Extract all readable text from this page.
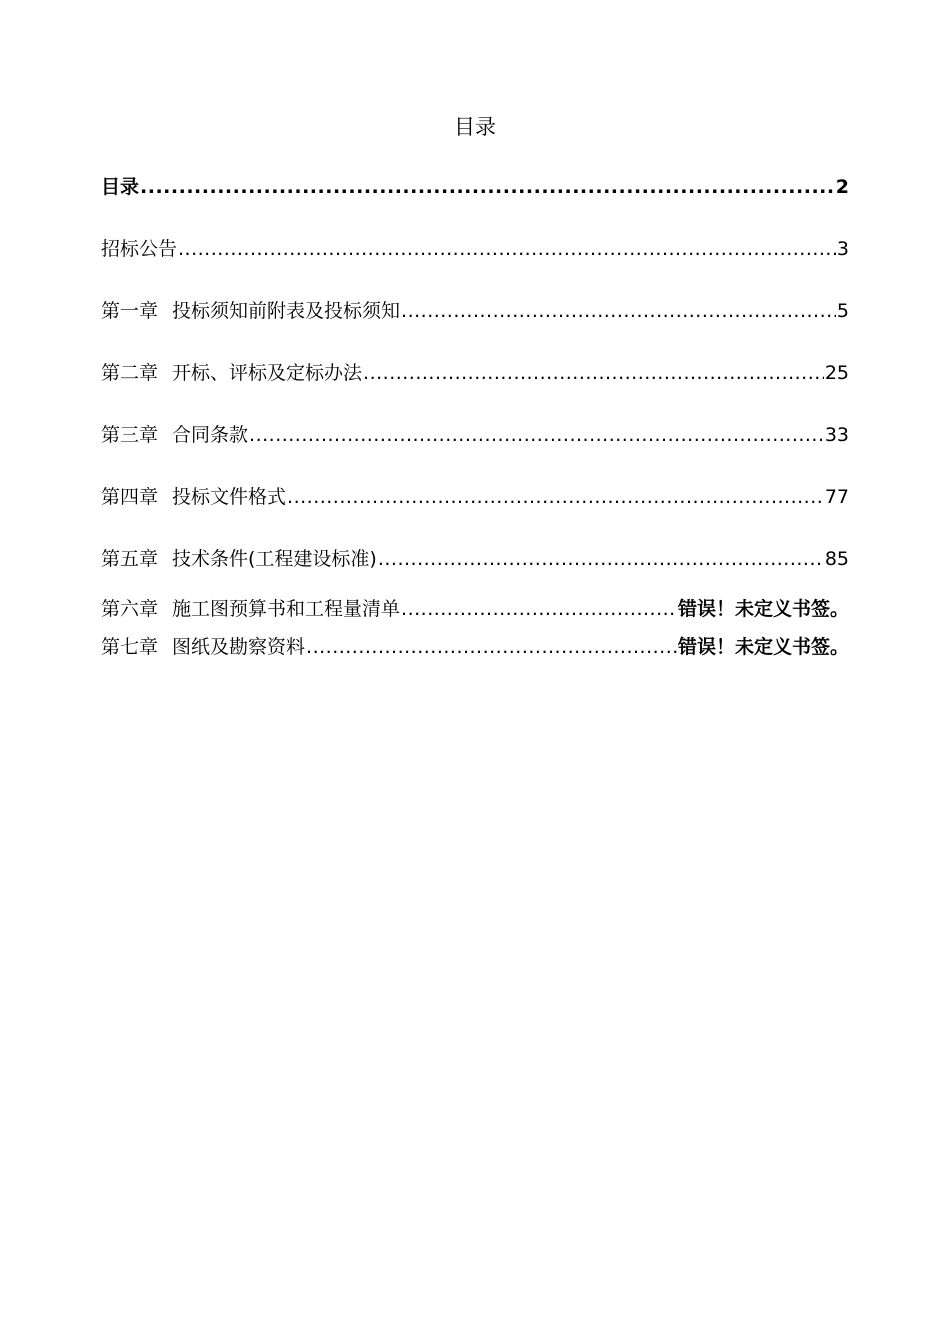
目录
目录 .....	2
招标公告 .....	3
第一章 投标须知前附表及投标须知 .....	5
第二章 开标、评标及定标办法 .....	25
第三章 合同条款 .....	33
第四章 投标文件格式 .....	77
第五章 技术条件(工程建设标准) .....	85
第六章 施工图预算书和工程量清单 .....	错误！未定义书签。
第七章 图纸及勘察资料 .....	错误！未定义书签。
